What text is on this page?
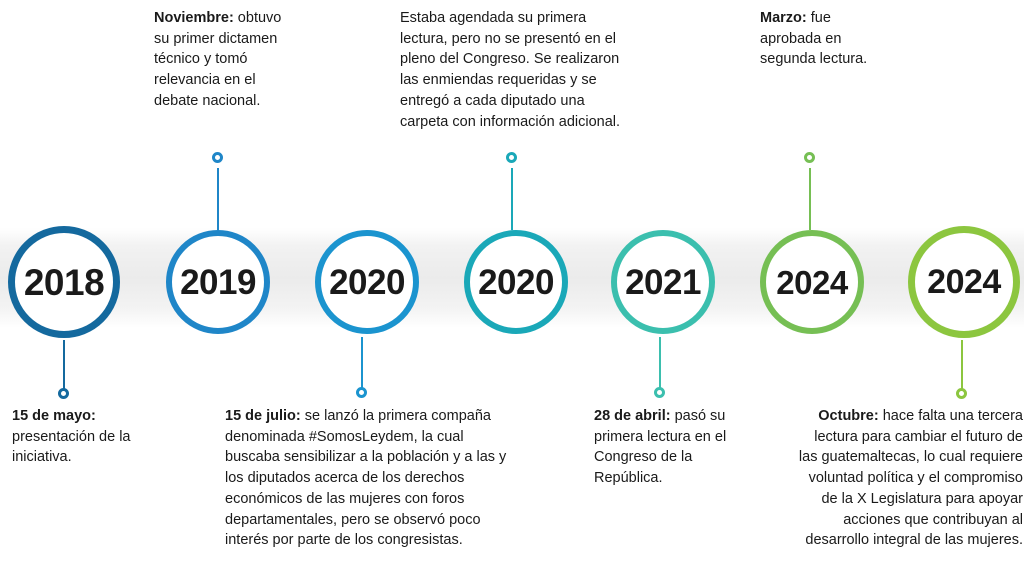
2018
15 de mayo: presentación de la iniciativa.
2019
Noviembre: obtuvo su primer dictamen técnico y tomó relevancia en el debate nacional.
2020
15 de julio: se lanzó la primera compaña denominada #SomosLeydem, la cual buscaba sensibilizar a la población y a las y los diputados acerca de los derechos económicos de las mujeres con foros departamentales, pero se observó poco interés por parte de los congresistas.
2020
Estaba agendada su primera lectura, pero no se presentó en el pleno del Congreso. Se realizaron las enmiendas requeridas y se entregó a cada diputado una carpeta con información adicional.
2021
28 de abril: pasó su primera lectura en el Congreso de la República.
2024
Marzo: fue aprobada en segunda lectura.
2024
Octubre: hace falta una tercera lectura para cambiar el futuro de las guatemaltecas, lo cual requiere voluntad política y el compromiso de la X Legislatura para apoyar acciones que contribuyan al desarrollo integral de las mujeres.
